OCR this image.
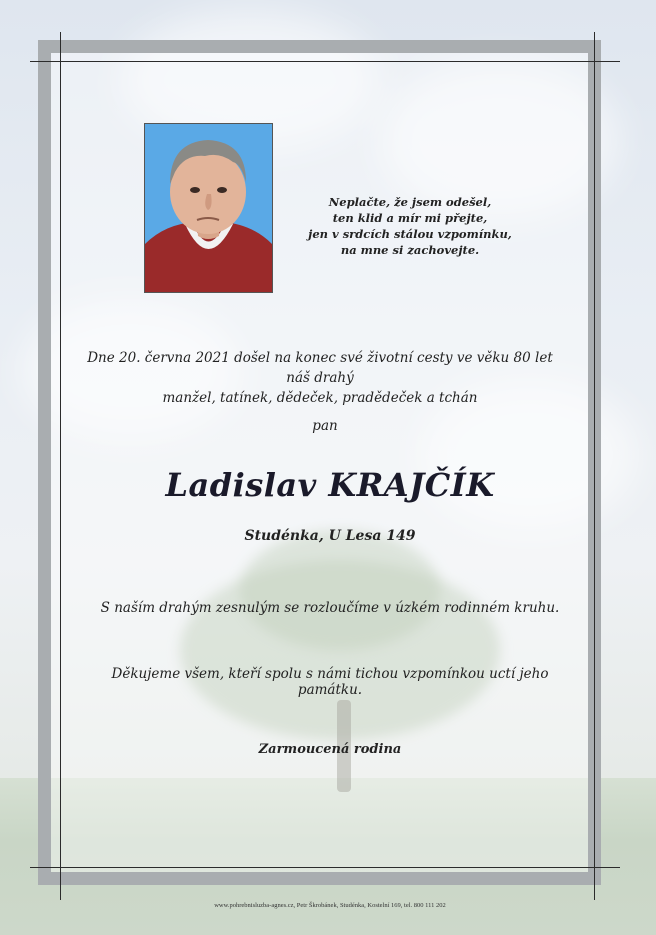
Neplačte, že jsem odešel,
ten klid a mír mi přejte,
jen v srdcích stálou vzpomínku,
na mne si zachovejte.
Dne 20. června 2021 došel na konec své životní cesty ve věku 80 let náš drahý
manžel, tatínek, dědeček, pradědeček a tchán
pan
Ladislav KRAJČÍK
Studénka, U Lesa 149
S naším drahým zesnulým se rozloučíme v úzkém rodinném kruhu.
Děkujeme všem, kteří spolu s námi tichou vzpomínkou uctí jeho památku.
Zarmoucená rodina
www.pohrebnisluzba-agnes.cz, Petr Škrobánek, Studénka, Kostelní 169, tel. 800 111 202
